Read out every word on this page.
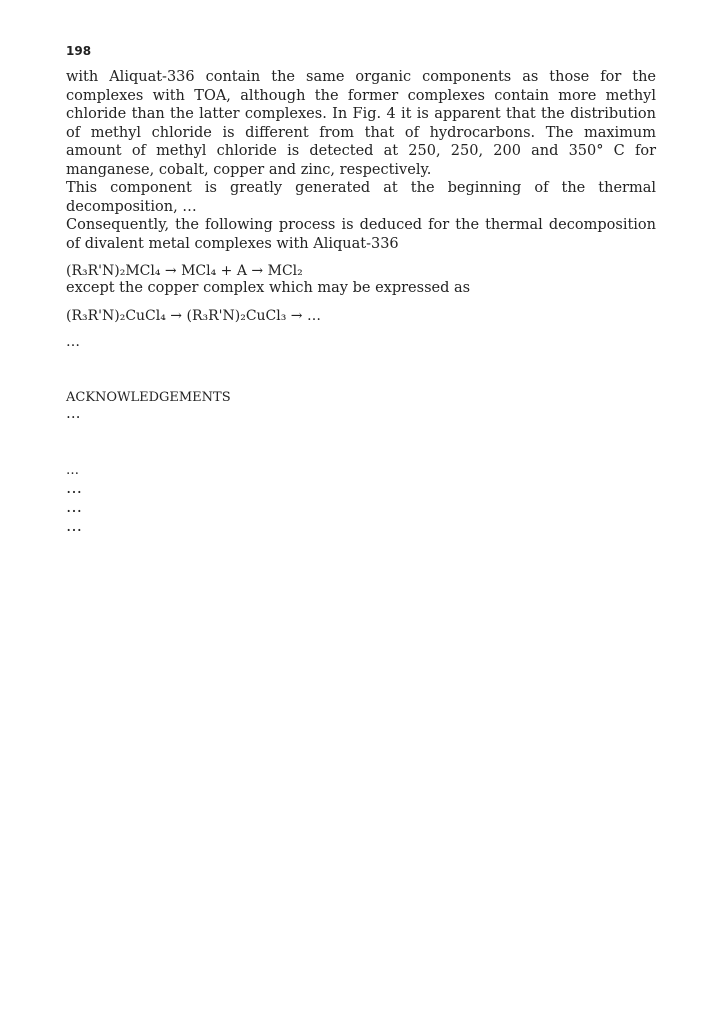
198

with Aliquat-336 contain the same organic components as those for the complexes with TOA, although the former complexes contain more methyl chloride than the latter complexes. In Fig. 4 it is apparent that the distribution of methyl chloride is different from that of hydrocarbons. The maximum amount of methyl chloride is detected at 250, 250, 200 and 350° C for manganese, cobalt, copper and zinc, respectively.

This component is greatly generated at the beginning of the thermal decomposition, …

Consequently, the following process is deduced for the thermal decomposition of divalent metal complexes with Aliquat-336

(R₃R'N)₂MCl₄ → MCl₄ + A → MCl₂
except the copper complex which may be expressed as
(R₃R'N)₂CuCl₄ → (R₃R'N)₂CuCl₃ → …
…
ACKNOWLEDGEMENTS

…

…
…
…
…
